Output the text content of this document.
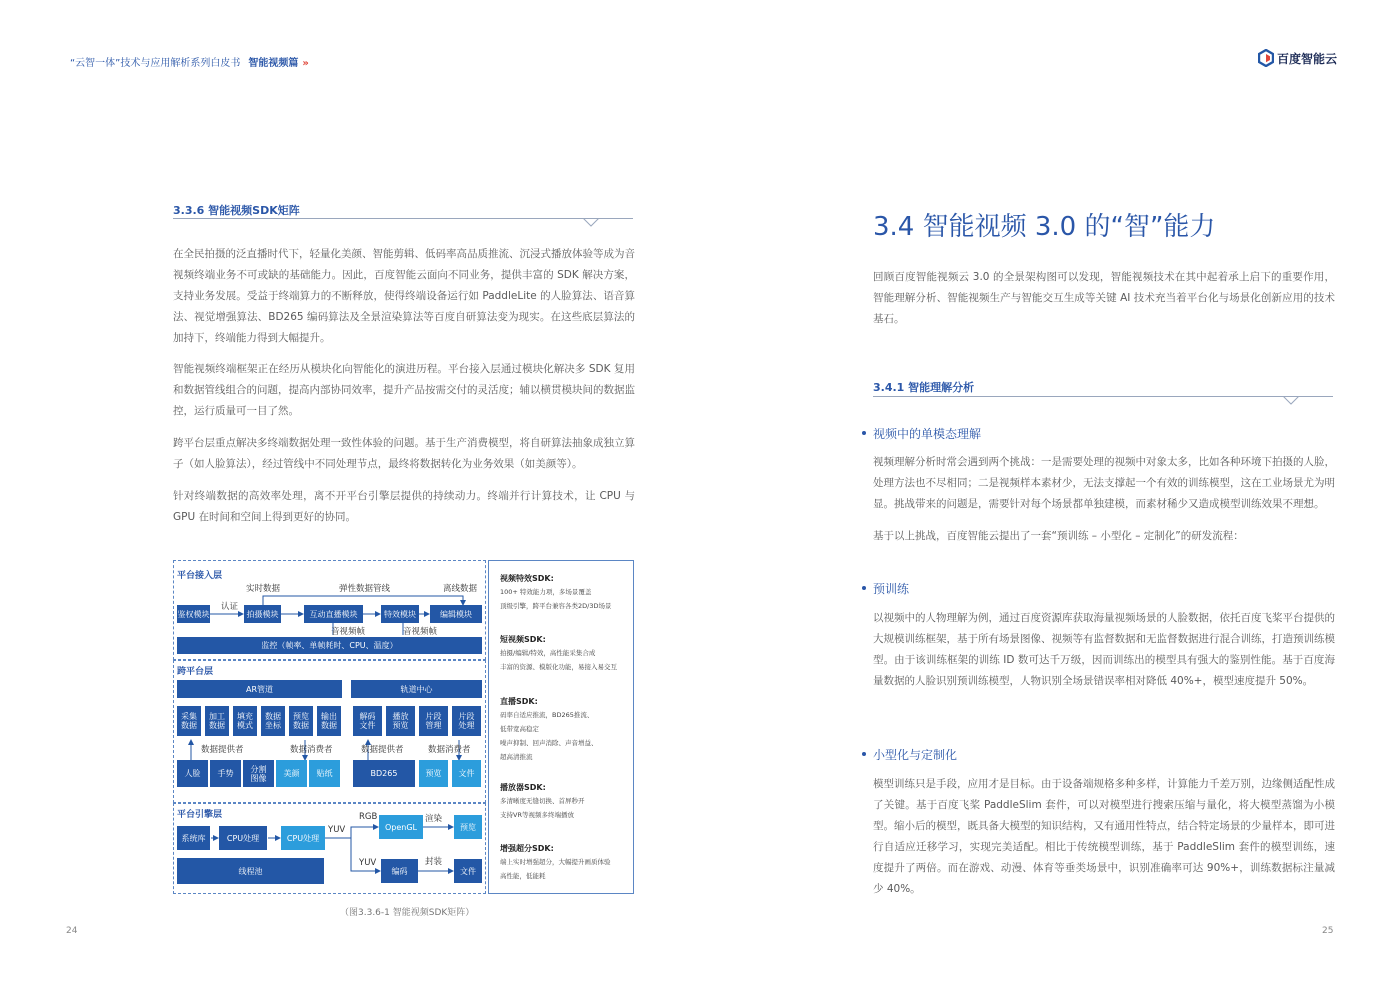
“云智一体”技术与应用解析系列白皮书 智能视频篇 »	百度智能云
3.3.6 智能视频SDK矩阵
在全民拍摄的泛直播时代下，轻量化美颜、智能剪辑、低码率高品质推流、沉浸式播放体验等成为音视频终端业务不可或缺的基础能力。因此，百度智能云面向不同业务，提供丰富的 SDK 解决方案，支持业务发展。受益于终端算力的不断释放，使得终端设备运行如 PaddleLite 的人脸算法、语音算法、视觉增强算法、BD265 编码算法及全景渲染算法等百度自研算法变为现实。在这些底层算法的加持下，终端能力得到大幅提升。
智能视频终端框架正在经历从模块化向智能化的演进历程。平台接入层通过模块化解决多 SDK 复用和数据管线组合的问题，提高内部协同效率，提升产品按需交付的灵活度；辅以横贯模块间的数据监控，运行质量可一目了然。
跨平台层重点解决多终端数据处理一致性体验的问题。基于生产消费模型，将自研算法抽象成独立算子（如人脸算法），经过管线中不同处理节点，最终将数据转化为业务效果（如美颜等）。
针对终端数据的高效率处理，离不开平台引擎层提供的持续动力。终端并行计算技术，让 CPU 与 GPU 在时间和空间上得到更好的协同。
平台接入层
实时数据	弹性数据管线	离线数据
认证
鉴权模块	拍摄模块	互动直播模块	特效模块	编辑模块
音视频帧	音视频帧
监控（帧率、单帧耗时、CPU、温度）
跨平台层
AR管道	轨道中心
采集数据
加工数据
填充模式
数据坐标
预览数据
输出数据
解码文件
播放预览
片段管理
片段处理
数据提供者	数据消费者	数据提供者	数据消费者
人脸	手势	分割图像	美颜	贴纸	BD265	预览	文件
平台引擎层
系统库	CPU处理	CPU处理
YUV
RGB
OpenGL
渲染
预览
线程池
YUV
编码
封装
文件
视频特效SDK:
100+ 特效能力项，多场景覆盖
顶级引擎，跨平台兼容各类2D/3D场景
短视频SDK:
拍摄/编辑/特效，高性能采集合成
丰富的资源、模版化功能，易接入易交互
直播SDK:
码率自适应推流，BD265推流、
低带宽高稳定
噪声抑制、回声消除、声音增益、
超高清推流
播放器SDK:
多清晰度无缝切换、首屏秒开
支持VR等视频多终端播放
增强超分SDK:
端上实时增强超分，大幅提升画质体验
高性能，低能耗
（图3.3.6-1 智能视频SDK矩阵）
24
3.4 智能视频 3.0 的“智”能力
回顾百度智能视频云 3.0 的全景架构图可以发现，智能视频技术在其中起着承上启下的重要作用，智能理解分析、智能视频生产与智能交互生成等关键 AI 技术充当着平台化与场景化创新应用的技术基石。
3.4.1 智能理解分析
视频中的单模态理解
视频理解分析时常会遇到两个挑战：一是需要处理的视频中对象太多，比如各种环境下拍摄的人脸，处理方法也不尽相同；二是视频样本素材少，无法支撑起一个有效的训练模型，这在工业场景尤为明显。挑战带来的问题是，需要针对每个场景都单独建模，而素材稀少又造成模型训练效果不理想。
基于以上挑战，百度智能云提出了一套“预训练 – 小型化 – 定制化”的研发流程：
预训练
以视频中的人物理解为例，通过百度资源库获取海量视频场景的人脸数据，依托百度飞桨平台提供的大规模训练框架，基于所有场景图像、视频等有监督数据和无监督数据进行混合训练，打造预训练模型。由于该训练框架的训练 ID 数可达千万级，因而训练出的模型具有强大的鉴别性能。基于百度海量数据的人脸识别预训练模型，人物识别全场景错误率相对降低 40%+，模型速度提升 50%。
小型化与定制化
模型训练只是手段，应用才是目标。由于设备端规格多种多样，计算能力千差万别，边缘侧适配性成了关键。基于百度飞桨 PaddleSlim 套件，可以对模型进行搜索压缩与量化，将大模型蒸馏为小模型。缩小后的模型，既具备大模型的知识结构，又有通用性特点，结合特定场景的少量样本，即可进行自适应迁移学习，实现完美适配。相比于传统模型训练，基于 PaddleSlim 套件的模型训练，速度提升了两倍。而在游戏、动漫、体育等垂类场景中，识别准确率可达 90%+，训练数据标注量减少 40%。
25
